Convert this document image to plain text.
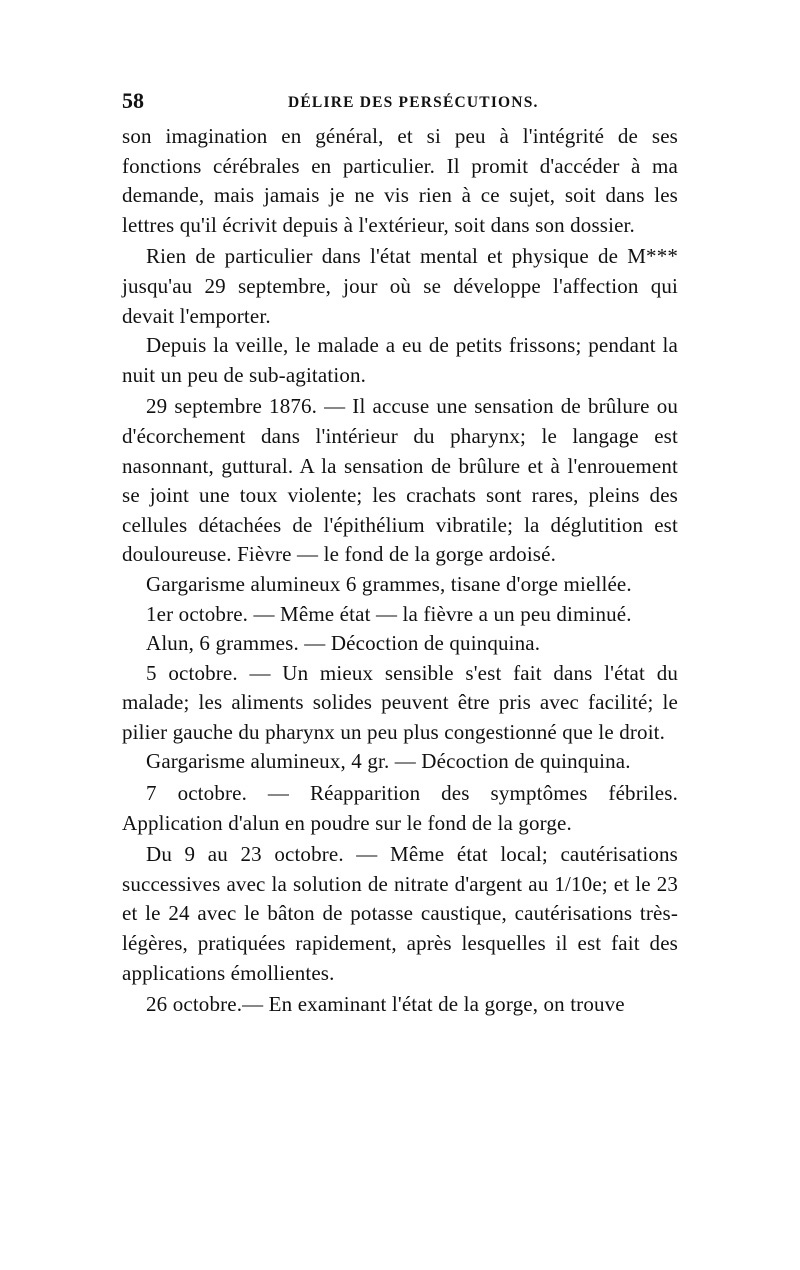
58	DÉLIRE DES PERSÉCUTIONS.

son imagination en général, et si peu à l'intégrité de ses fonctions cérébrales en particulier. Il promit d'accéder à ma demande, mais jamais je ne vis rien à ce sujet, soit dans les lettres qu'il écrivit depuis à l'extérieur, soit dans son dossier.

Rien de particulier dans l'état mental et physique de M*** jusqu'au 29 septembre, jour où se développe l'affection qui devait l'emporter.

Depuis la veille, le malade a eu de petits frissons; pendant la nuit un peu de sub-agitation.

29 septembre 1876. — Il accuse une sensation de brûlure ou d'écorchement dans l'intérieur du pharynx; le langage est nasonnant, guttural. A la sensation de brûlure et à l'enrouement se joint une toux violente; les crachats sont rares, pleins des cellules détachées de l'épithélium vibratile; la déglutition est douloureuse. Fièvre — le fond de la gorge ardoisé.

Gargarisme alumineux 6 grammes, tisane d'orge miellée.

1er octobre. — Même état — la fièvre a un peu diminué.

Alun, 6 grammes. — Décoction de quinquina.

5 octobre. — Un mieux sensible s'est fait dans l'état du malade; les aliments solides peuvent être pris avec facilité; le pilier gauche du pharynx un peu plus congestionné que le droit.

Gargarisme alumineux, 4 gr. — Décoction de quinquina.

7 octobre. — Réapparition des symptômes fébriles. Application d'alun en poudre sur le fond de la gorge.

Du 9 au 23 octobre. — Même état local; cautérisations successives avec la solution de nitrate d'argent au 1/10e; et le 23 et le 24 avec le bâton de potasse caustique, cautérisations très-légères, pratiquées rapidement, après lesquelles il est fait des applications émollientes.

26 octobre.— En examinant l'état de la gorge, on trouve
